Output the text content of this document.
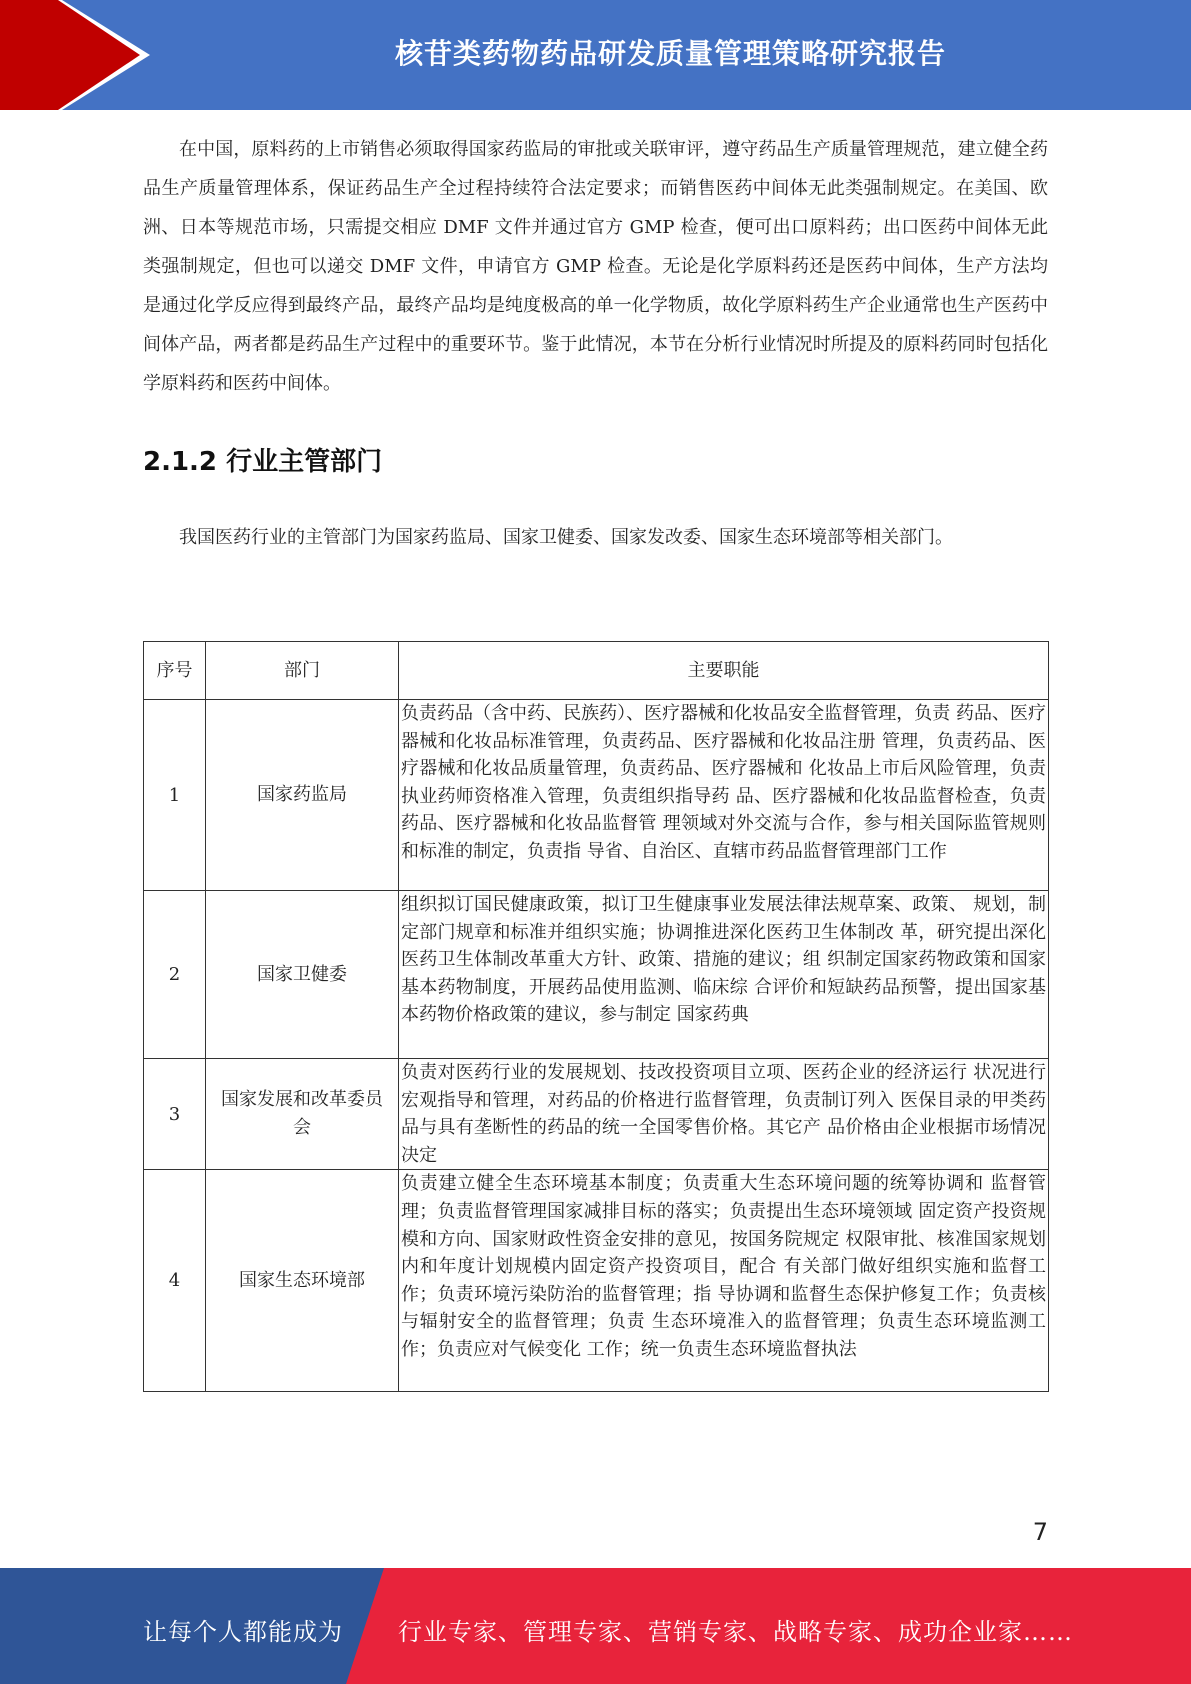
核苷类药物药品研发质量管理策略研究报告

在中国，原料药的上市销售必须取得国家药监局的审批或关联审评，遵守药品生产质量管理规范，建立健全药品生产质量管理体系，保证药品生产全过程持续符合法定要求；而销售医药中间体无此类强制规定。在美国、欧洲、日本等规范市场，只需提交相应 DMF 文件并通过官方 GMP 检查，便可出口原料药；出口医药中间体无此类强制规定，但也可以递交 DMF 文件，申请官方 GMP 检查。无论是化学原料药还是医药中间体，生产方法均是通过化学反应得到最终产品，最终产品均是纯度极高的单一化学物质，故化学原料药生产企业通常也生产医药中间体产品，两者都是药品生产过程中的重要环节。鉴于此情况，本节在分析行业情况时所提及的原料药同时包括化学原料药和医药中间体。

2.1.2 行业主管部门

我国医药行业的主管部门为国家药监局、国家卫健委、国家发改委、国家生态环境部等相关部门。

序号	部门	主要职能
1	国家药监局	负责药品（含中药、民族药）、医疗器械和化妆品安全监督管理，负责 药品、医疗器械和化妆品标准管理，负责药品、医疗器械和化妆品注册 管理，负责药品、医疗器械和化妆品质量管理，负责药品、医疗器械和 化妆品上市后风险管理，负责执业药师资格准入管理，负责组织指导药 品、医疗器械和化妆品监督检查，负责药品、医疗器械和化妆品监督管 理领域对外交流与合作，参与相关国际监管规则和标准的制定，负责指 导省、自治区、直辖市药品监督管理部门工作
2	国家卫健委	组织拟订国民健康政策，拟订卫生健康事业发展法律法规草案、政策、 规划，制定部门规章和标准并组织实施；协调推进深化医药卫生体制改 革，研究提出深化医药卫生体制改革重大方针、政策、措施的建议；组 织制定国家药物政策和国家基本药物制度，开展药品使用监测、临床综 合评价和短缺药品预警，提出国家基本药物价格政策的建议，参与制定 国家药典
3	国家发展和改革委员会	负责对医药行业的发展规划、技改投资项目立项、医药企业的经济运行 状况进行宏观指导和管理，对药品的价格进行监督管理，负责制订列入 医保目录的甲类药品与具有垄断性的药品的统一全国零售价格。其它产 品价格由企业根据市场情况决定
4	国家生态环境部	负责建立健全生态环境基本制度；负责重大生态环境问题的统筹协调和 监督管理；负责监督管理国家减排目标的落实；负责提出生态环境领域 固定资产投资规模和方向、国家财政性资金安排的意见，按国务院规定 权限审批、核准国家规划内和年度计划规模内固定资产投资项目，配合 有关部门做好组织实施和监督工作；负责环境污染防治的监督管理；指 导协调和监督生态保护修复工作；负责核与辐射安全的监督管理；负责 生态环境准入的监督管理；负责生态环境监测工作；负责应对气候变化 工作；统一负责生态环境监督执法
7
让每个人都能成为 行业专家、管理专家、营销专家、战略专家、成功企业家……
